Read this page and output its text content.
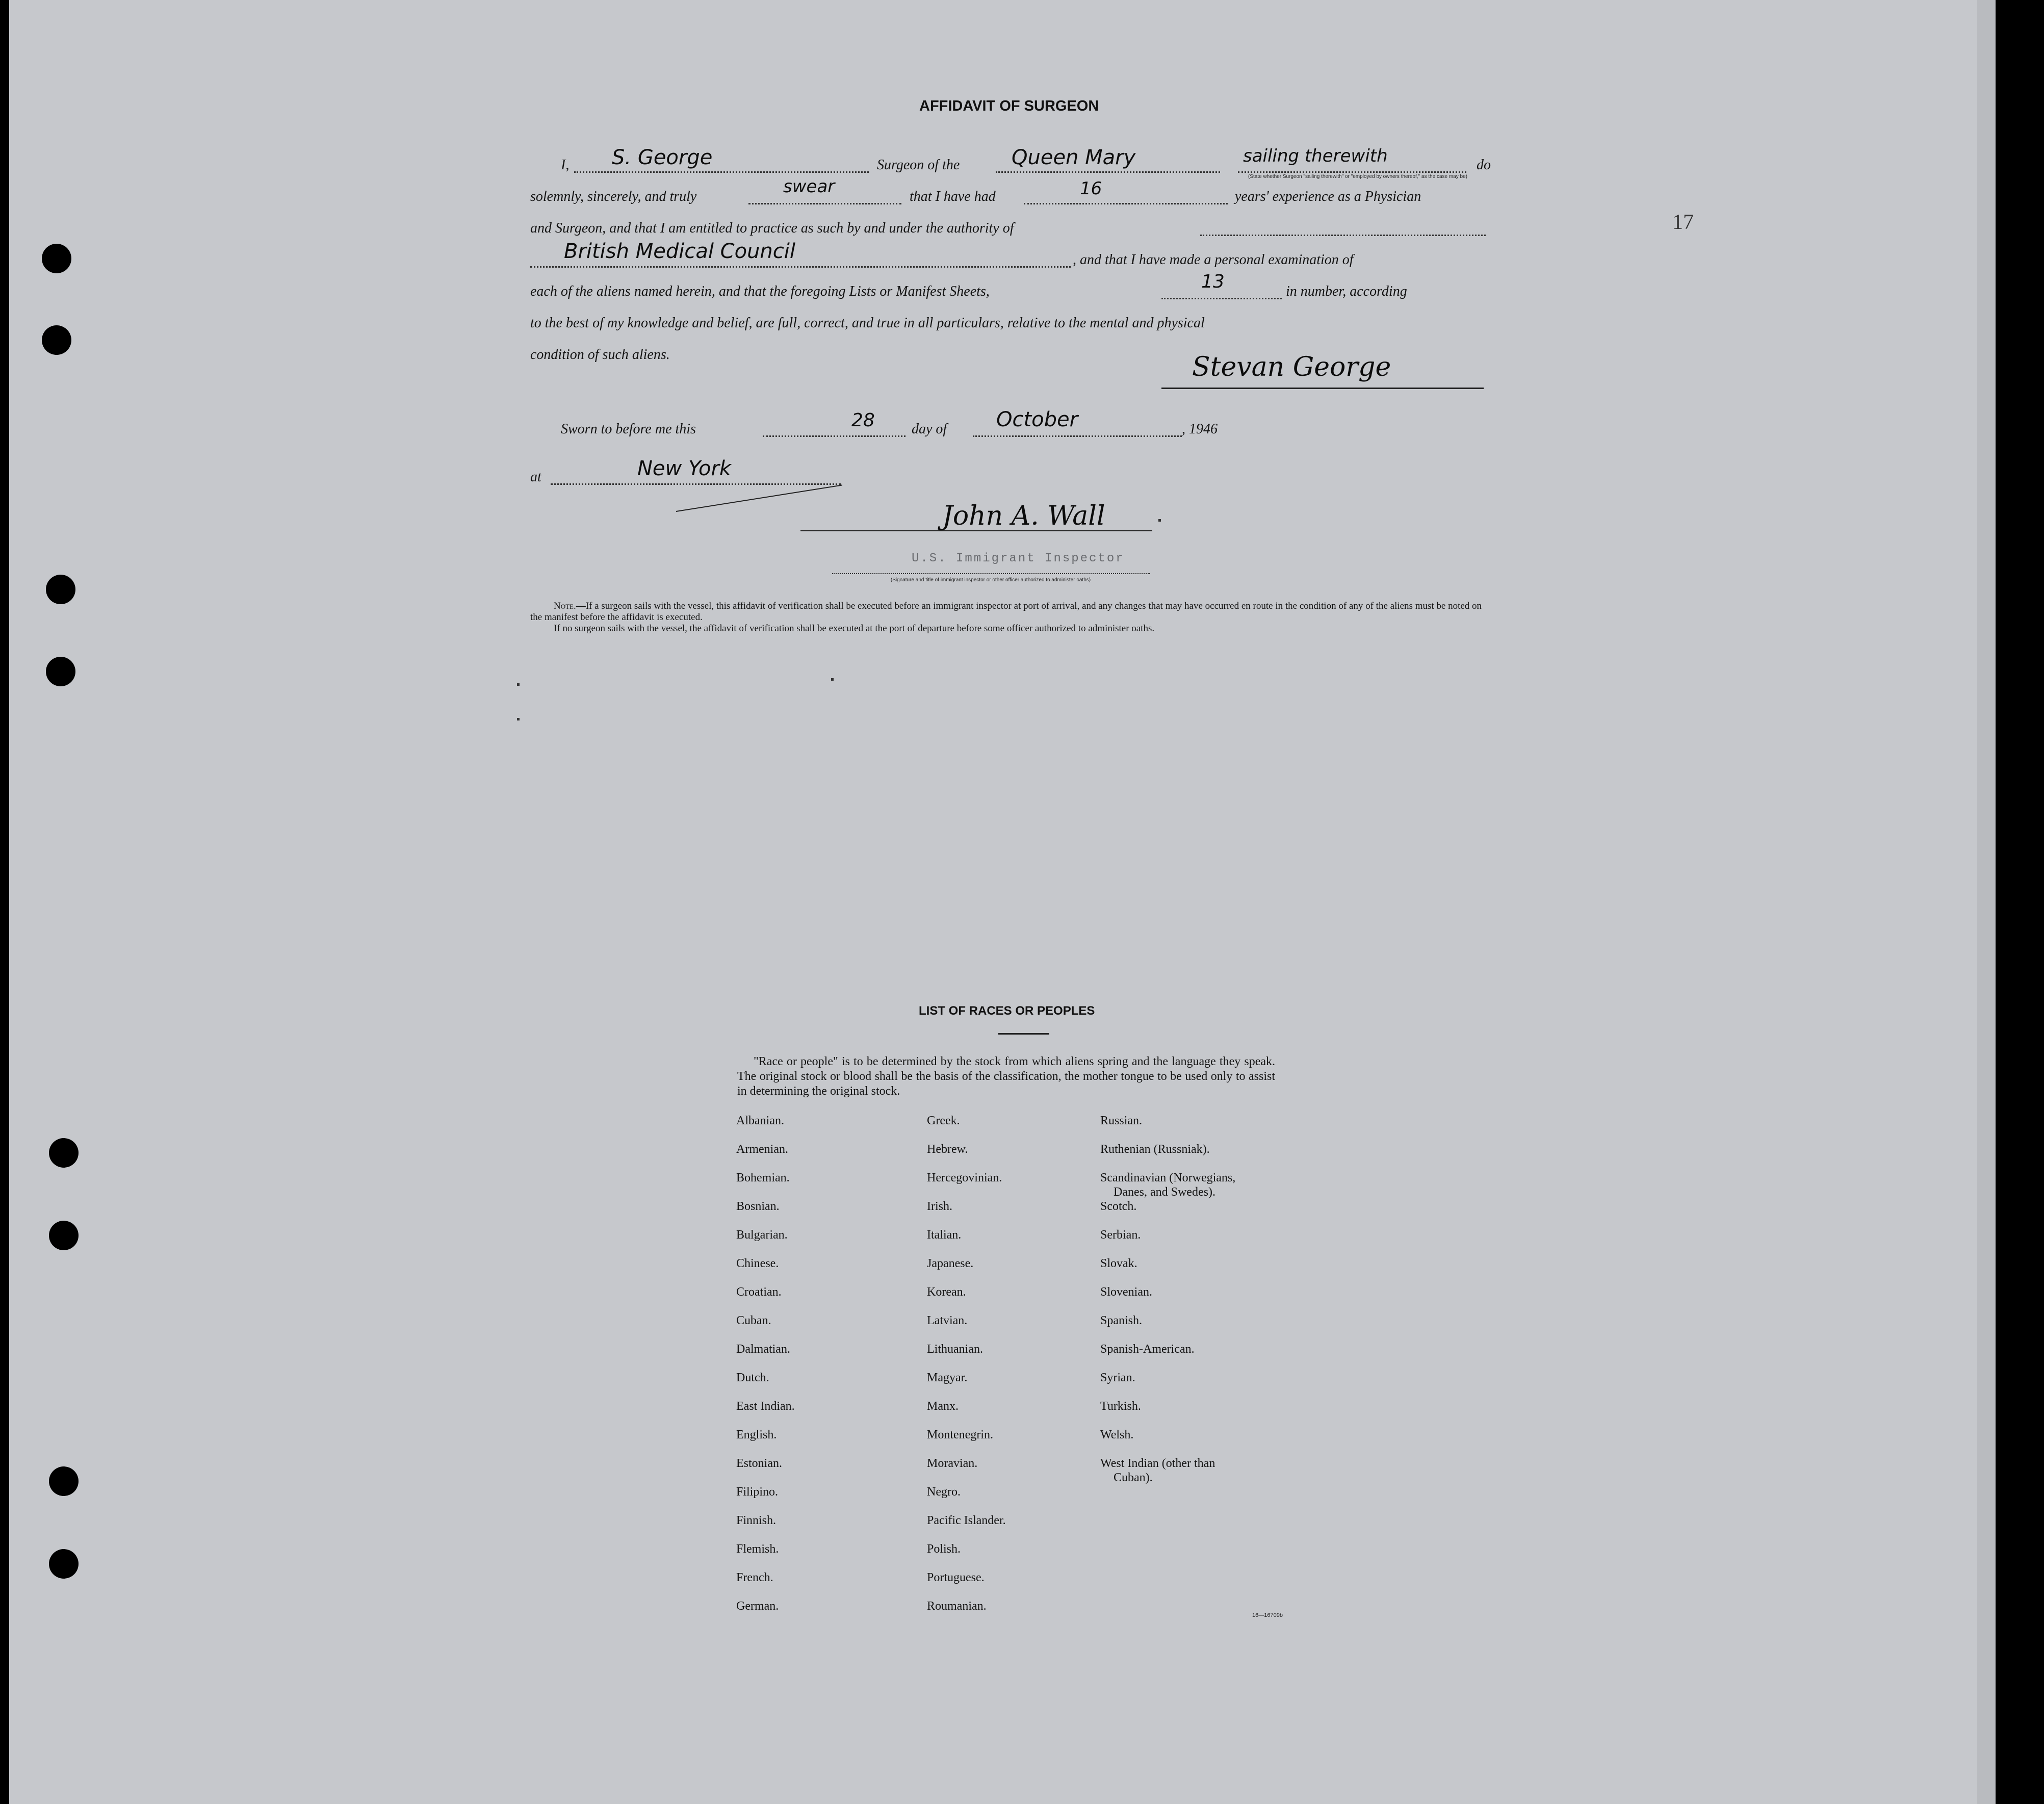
17
AFFIDAVIT OF SURGEON
I, S. George	Surgeon of the	Queen Mary	sailing therewith	do
(State whether Surgeon "sailing therewith" or "employed by owners thereof," as the case may be)
solemnly, sincerely, and truly	swear	that I have had	16	years' experience as a Physician
and Surgeon, and that I am entitled to practice as such by and under the authority of
British Medical Council	, and that I have made a personal examination of
each of the aliens named herein, and that the foregoing Lists or Manifest Sheets,	13	in number, according
to the best of my knowledge and belief, are full, correct, and true in all particulars, relative to the mental and physical
condition of such aliens.	Stevan George
Sworn to before me this	28	day of October	, 1946
at	New York
John A. Wall
U.S. Immigrant Inspector
(Signature and title of immigrant inspector or other officer authorized to administer oaths)

Note.—If a surgeon sails with the vessel, this affidavit of verification shall be executed before an immigrant inspector at port of arrival, and any changes that may have occurred en route in the condition of any of the aliens must be noted on the manifest before the affidavit is executed.

If no surgeon sails with the vessel, the affidavit of verification shall be executed at the port of departure before some officer authorized to administer oaths.

LIST OF RACES OR PEOPLES
"Race or people" is to be determined by the stock from which aliens spring and the language they speak. The original stock or blood shall be the basis of the classification, the mother tongue to be used only to assist in determining the original stock.
Albanian.
Armenian.
Bohemian.
Bosnian.
Bulgarian.
Chinese.
Croatian.
Cuban.
Dalmatian.
Dutch.
East Indian.
English.
Estonian.
Filipino.
Finnish.
Flemish.
French.
German.
Greek.
Hebrew.
Hercegovinian.
Irish.
Italian.
Japanese.
Korean.
Latvian.
Lithuanian.
Magyar.
Manx.
Montenegrin.
Moravian.
Negro.
Pacific Islander.
Polish.
Portuguese.
Roumanian.
Russian.
Ruthenian (Russniak).
Scandinavian (Norwegians,
Danes, and Swedes).
Scotch.
Serbian.
Slovak.
Slovenian.
Spanish.
Spanish-American.
Syrian.
Turkish.
Welsh.
West Indian (other than
Cuban).
16—16709b
